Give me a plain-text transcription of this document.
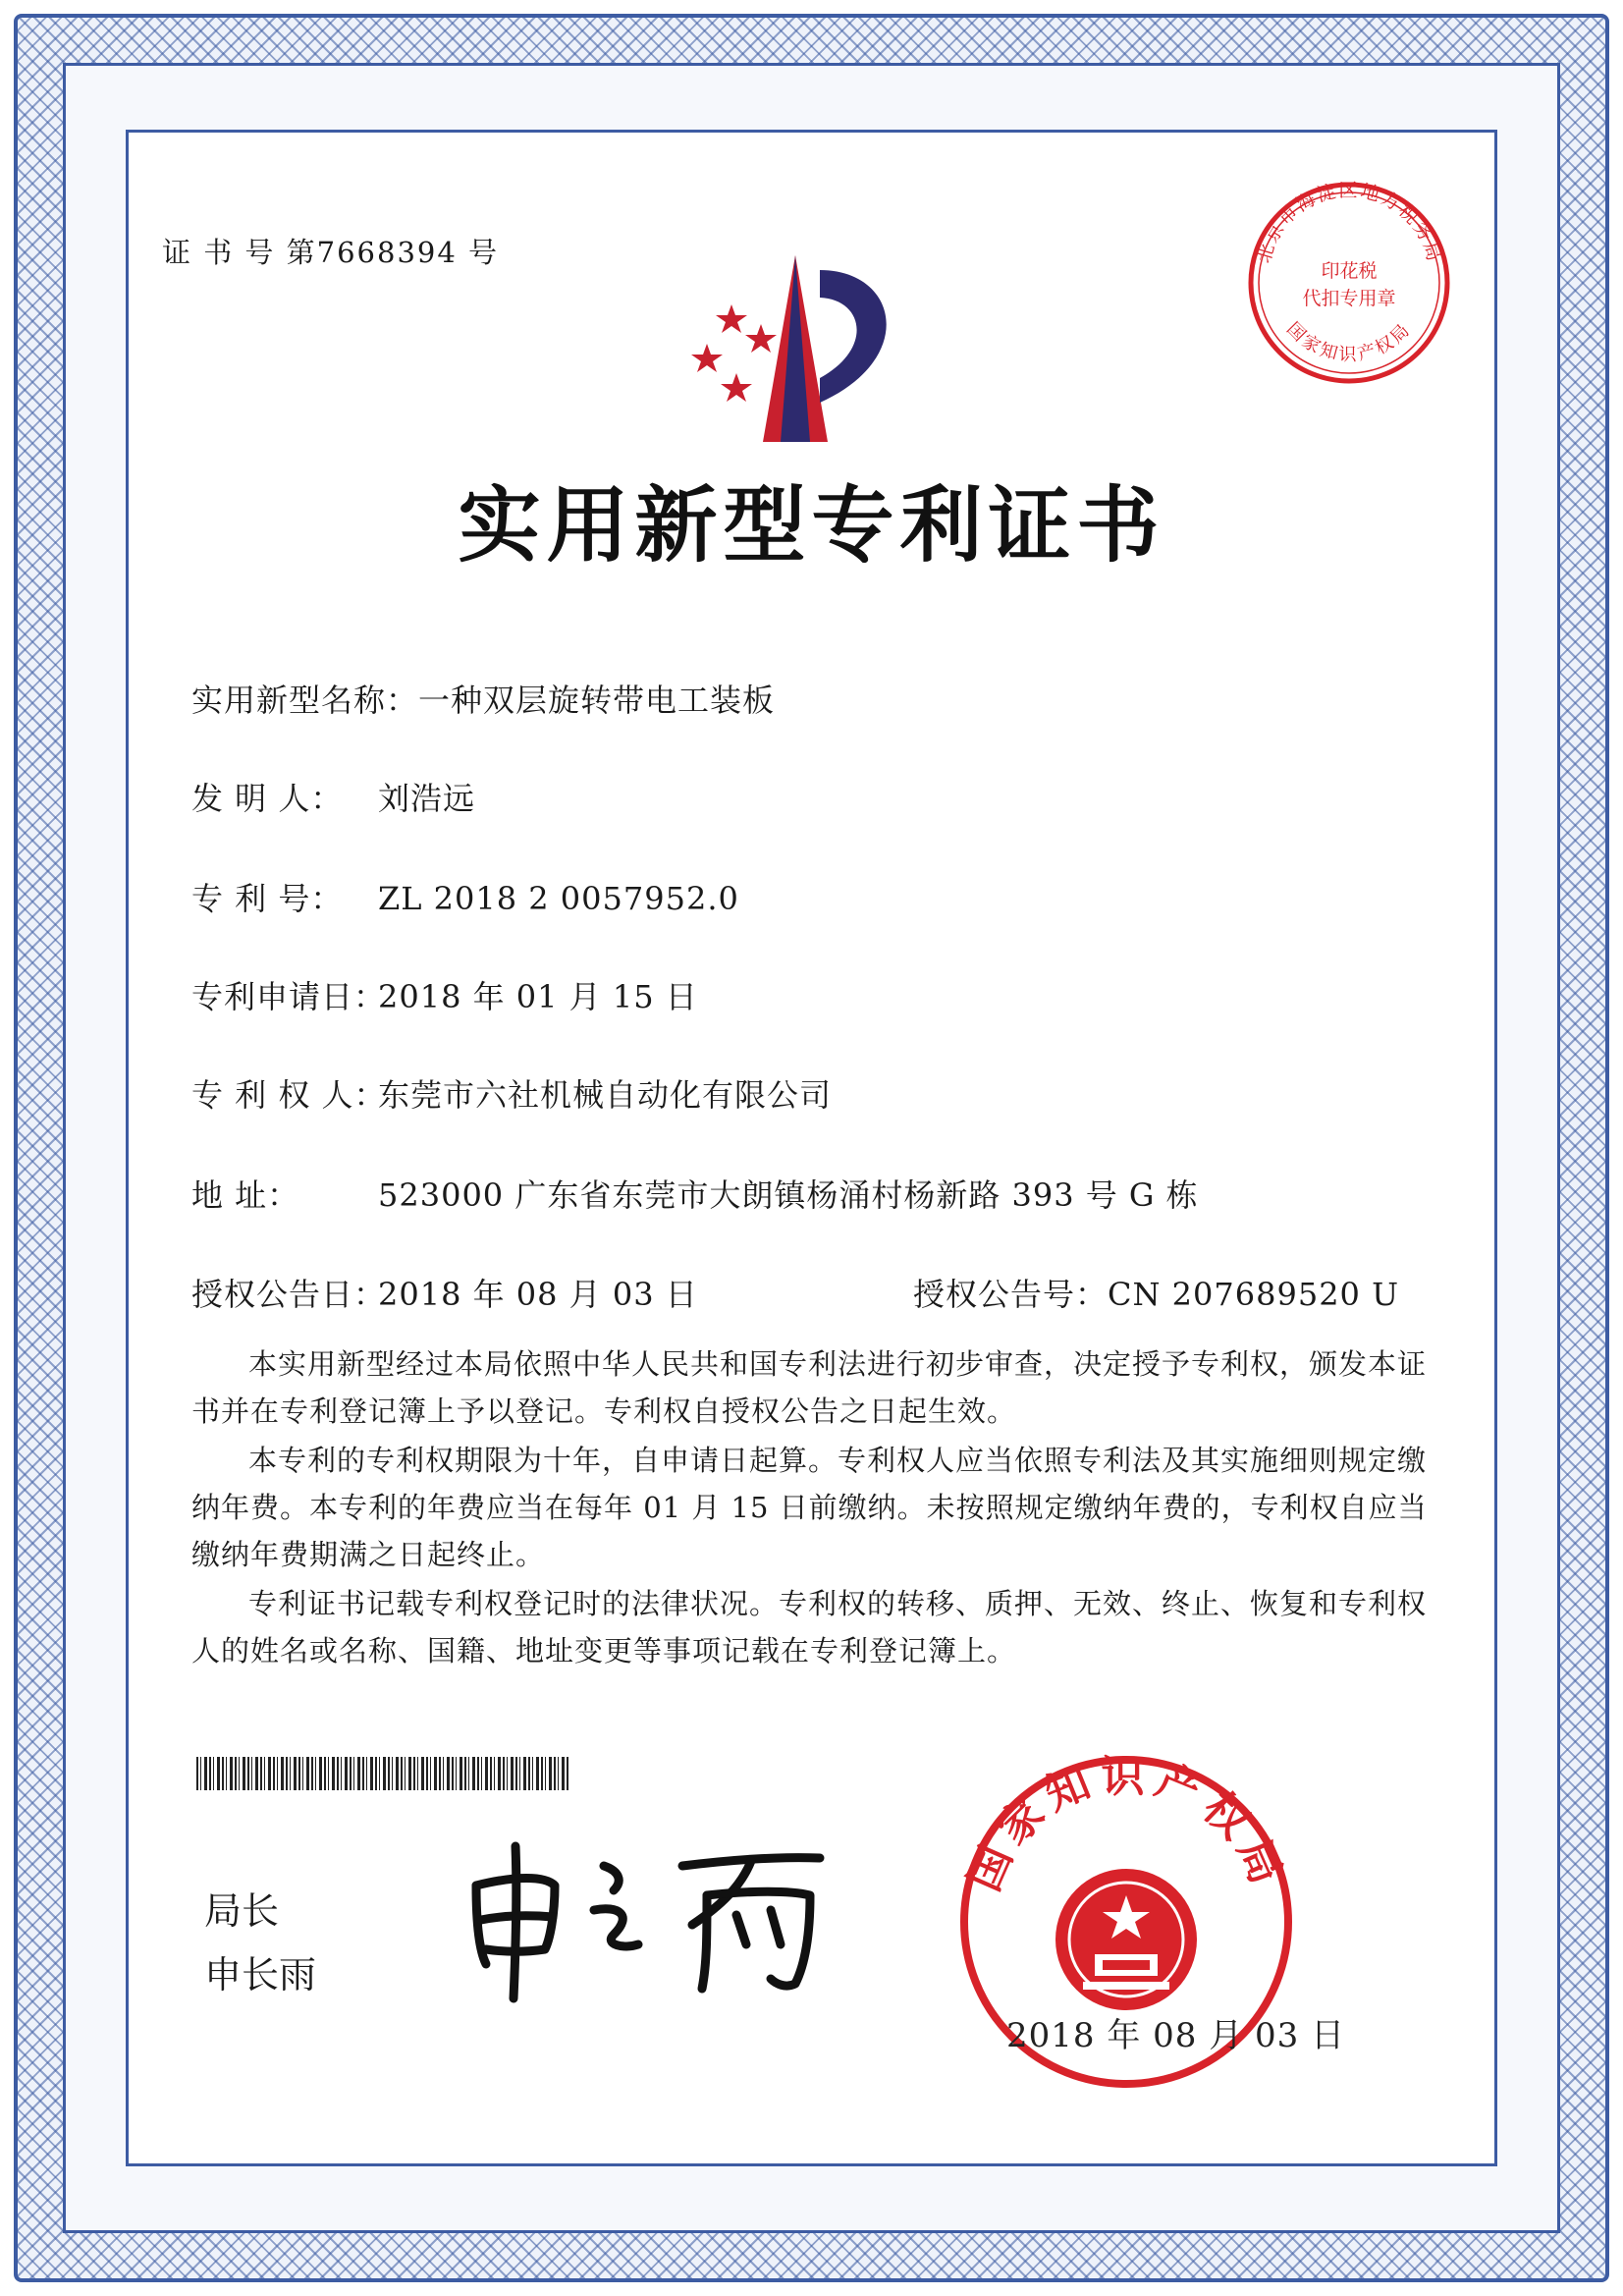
证 书 号 第7668394 号	北京市海淀区地方税务局
印花税
代扣专用章
国家知识产权局
实用新型专利证书
实用新型名称：一种双层旋转带电工装板
发 明 人： 刘浩远
专 利 号： ZL 2018 2 0057952.0
专利申请日：2018 年 01 月 15 日
专 利 权 人：东莞市六社机械自动化有限公司
地 址： 523000 广东省东莞市大朗镇杨涌村杨新路 393 号 G 栋
授权公告日：2018 年 08 月 03 日	授权公告号：CN 207689520 U
本实用新型经过本局依照中华人民共和国专利法进行初步审查，决定授予专利权，颁发本证书并在专利登记簿上予以登记。专利权自授权公告之日起生效。
本专利的专利权期限为十年，自申请日起算。专利权人应当依照专利法及其实施细则规定缴纳年费。本专利的年费应当在每年 01 月 15 日前缴纳。未按照规定缴纳年费的，专利权自应当缴纳年费期满之日起终止。
专利证书记载专利权登记时的法律状况。专利权的转移、质押、无效、终止、恢复和专利权人的姓名或名称、国籍、地址变更等事项记载在专利登记簿上。
局长
申长雨
国家知识产权局
2018 年 08 月 03 日
